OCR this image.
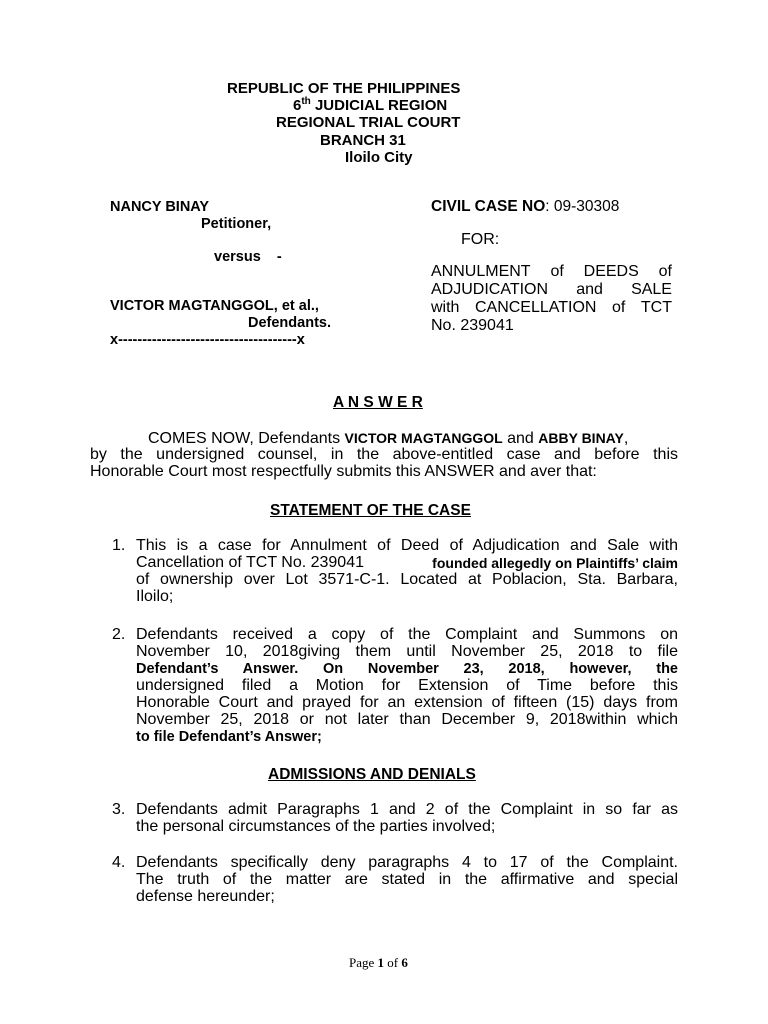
REPUBLIC OF THE PHILIPPINES
6th JUDICIAL REGION
REGIONAL TRIAL COURT
BRANCH 31
Iloilo City
NANCY BINAY
Petitioner,
versus    -
VICTOR MAGTANGGOL, et al.,
Defendants.
x-------------------------------------x
CIVIL CASE NO: 09-30308
FOR:
ANNULMENT of DEEDS of
ADJUDICATION and SALE
with CANCELLATION of TCT
No. 239041
A N S W E R
COMES NOW, Defendants VICTOR MAGTANGGOL and ABBY BINAY,
by the undersigned counsel, in the above-entitled case and before this
Honorable Court most respectfully submits this ANSWER and aver that:
STATEMENT OF THE CASE
1. This is a case for Annulment of Deed of Adjudication and Sale with
Cancellation of TCT No. 239041	founded allegedly on Plaintiffs’ claim
of ownership over Lot 3571-C-1. Located at Poblacion, Sta. Barbara,
Iloilo;
2. Defendants received a copy of the Complaint and Summons on
November 10, 2018giving them until November 25, 2018 to file
Defendant’s Answer. On November 23, 2018, however, the
undersigned filed a Motion for Extension of Time before this
Honorable Court and prayed for an extension of fifteen (15) days from
November 25, 2018 or not later than December 9, 2018within which
to file Defendant’s Answer;
ADMISSIONS AND DENIALS
3. Defendants admit Paragraphs 1 and 2 of the Complaint in so far as
the personal circumstances of the parties involved;
4. Defendants specifically deny paragraphs 4 to 17 of the Complaint.
The truth of the matter are stated in the affirmative and special
defense hereunder;
Page 1 of 6
